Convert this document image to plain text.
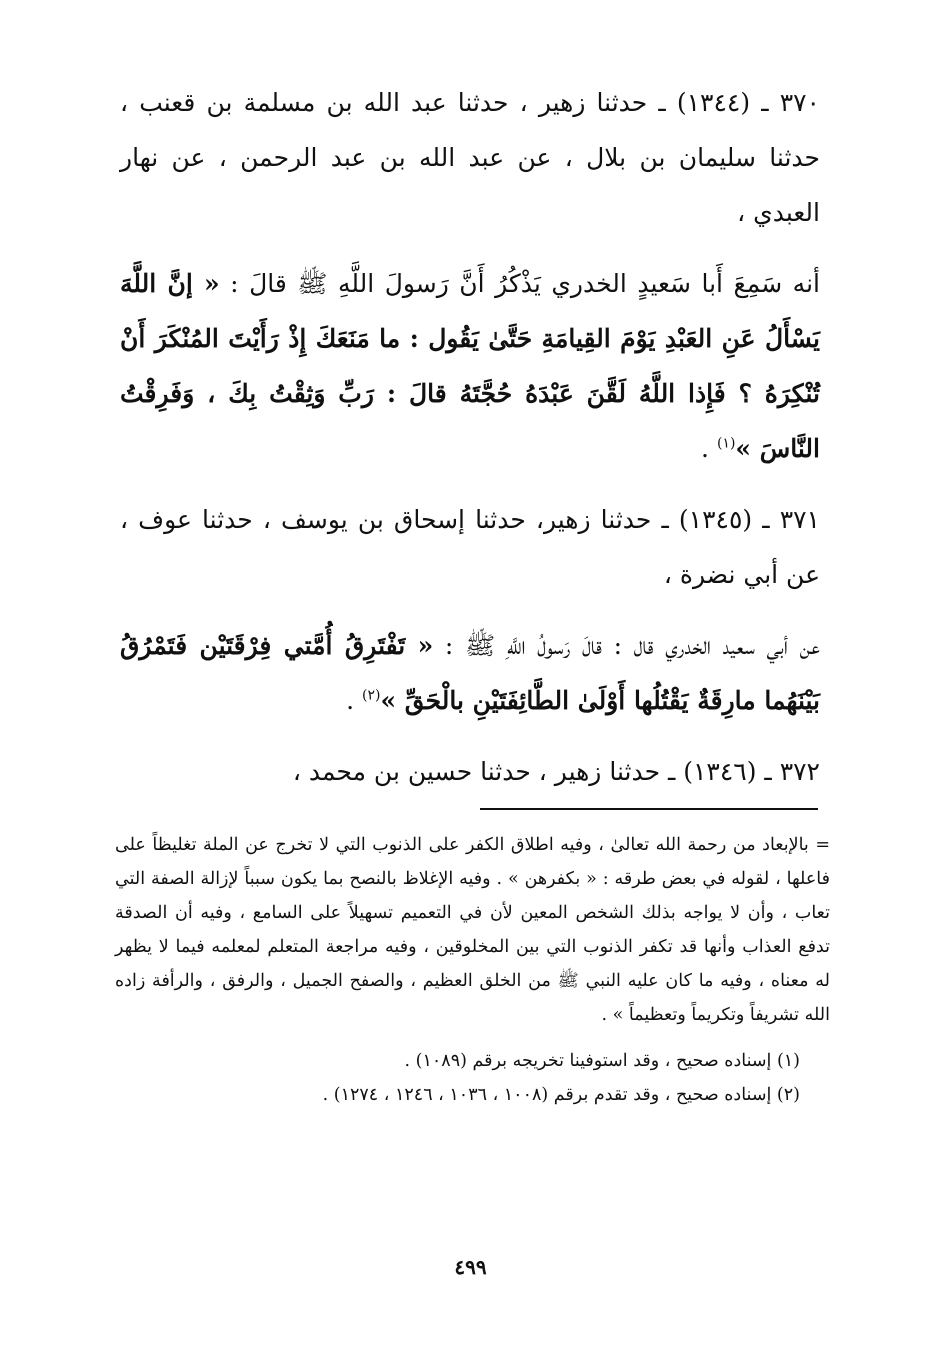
٣٧٠ ـ (١٣٤٤) ـ حدثنا زهير ، حدثنا عبد الله بن مسلمة بن قعنب ، حدثنا سليمان بن بلال ، عن عبد الله بن عبد الرحمن ، عن نهار العبدي ،

أنه سَمِعَ أَبا سَعيدٍ الخدري يَذْكُرُ أَنَّ رَسولَ اللَّهِ ﷺ قالَ : « إنَّ اللَّهَ يَسْأَلُ عَنِ العَبْدِ يَوْمَ القِيامَةِ حَتَّىٰ يَقُول : ما مَنَعَكَ إِذْ رَأَيْتَ المُنْكَرَ أَنْ تُنْكِرَهُ ؟ فَإِذا اللَّهُ لَقَّنَ عَبْدَهُ حُجَّتَهُ قالَ : رَبِّ وَثِقْتُ بِكَ ، وَفَرِقْتُ النَّاسَ »$^{(١)}$ .

٣٧١ ـ (١٣٤٥) ـ حدثنا زهير، حدثنا إسحاق بن يوسف ، حدثنا عوف ، عن أبي نضرة ،

عن أبي سعيد الخدري قال : قالَ رَسولُ اللَّهِ ﷺ : « تَفْتَرِقُ أُمَّتي فِرْقَتَيْن فَتَمْرُقُ بَيْنَهُما مارِقَةٌ يَقْتُلُها أَوْلَىٰ الطَّائِفَتَيْنِ بالْحَقِّ »$^{(٢)}$ .

٣٧٢ ـ (١٣٤٦) ـ حدثنا زهير ، حدثنا حسين بن محمد ،

= بالإبعاد من رحمة الله تعالىٰ ، وفيه اطلاق الكفر على الذنوب التي لا تخرج عن الملة تغليظاً على فاعلها ، لقوله في بعض طرقه : « بكفرهن » . وفيه الإغلاظ بالنصح بما يكون سبباً لإزالة الصفة التي تعاب ، وأن لا يواجه بذلك الشخص المعين لأن في التعميم تسهيلاً على السامع ، وفيه أن الصدقة تدفع العذاب وأنها قد تكفر الذنوب التي بين المخلوقين ، وفيه مراجعة المتعلم لمعلمه فيما لا يظهر له معناه ، وفيه ما كان عليه النبي ﷺ من الخلق العظيم ، والصفح الجميل ، والرفق ، والرأفة زاده الله تشريفاً وتكريماً وتعظيماً » .

(١) إسناده صحيح ، وقد استوفينا تخريجه برقم (١٠٨٩) .

(٢) إسناده صحيح ، وقد تقدم برقم (١٠٠٨ ، ١٠٣٦ ، ١٢٤٦ ، ١٢٧٤) .

٤٩٩
